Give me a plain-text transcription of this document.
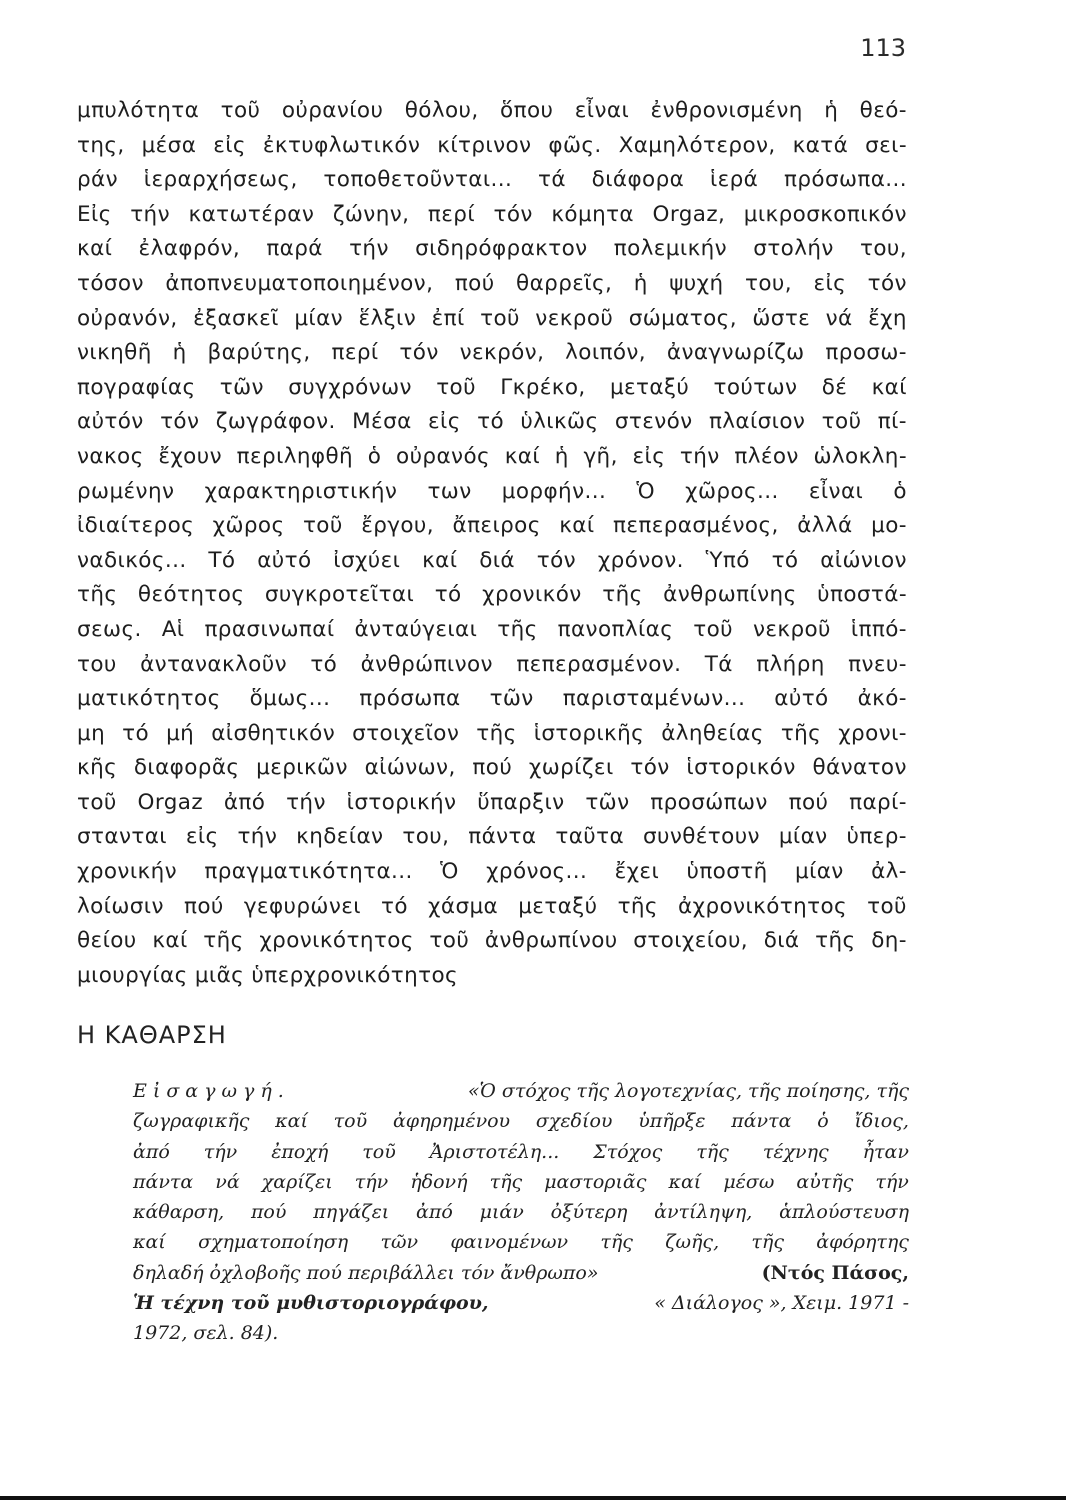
113
μπυλότητα τοῦ οὐρανίου θόλου, ὅπου εἶναι ἐνθρονισμένη ἡ θεό-
της, μέσα εἰς ἐκτυφλωτικόν κίτρινον φῶς. Χαμηλότερον, κατά σει-
ράν ἱεραρχήσεως, τοποθετοῦνται... τά διάφορα ἱερά πρόσωπα...
Εἰς τήν κατωτέραν ζώνην, περί τόν κόμητα Orgaz, μικροσκοπικόν
καί ἐλαφρόν, παρά τήν σιδηρόφρακτον πολεμικήν στολήν του,
τόσον ἀποπνευματοποιημένον, πού θαρρεῖς, ἡ ψυχή του, εἰς τόν
οὐρανόν, ἐξασκεῖ μίαν ἕλξιν ἐπί τοῦ νεκροῦ σώματος, ὥστε νά ἔχη
νικηθῆ ἡ βαρύτης, περί τόν νεκρόν, λοιπόν, ἀναγνωρίζω προσω-
πογραφίας τῶν συγχρόνων τοῦ Γκρέκο, μεταξύ τούτων δέ καί
αὐτόν τόν ζωγράφον. Μέσα εἰς τό ὑλικῶς στενόν πλαίσιον τοῦ πί-
νακος ἔχουν περιληφθῆ ὁ οὐρανός καί ἡ γῆ, εἰς τήν πλέον ὡλοκλη-
ρωμένην χαρακτηριστικήν των μορφήν... Ὁ χῶρος... εἶναι ὁ
ἰδιαίτερος χῶρος τοῦ ἔργου, ἄπειρος καί πεπερασμένος, ἀλλά μο-
ναδικός... Τό αὐτό ἰσχύει καί διά τόν χρόνον. Ὑπό τό αἰώνιον
τῆς θεότητος συγκροτεῖται τό χρονικόν τῆς ἀνθρωπίνης ὑποστά-
σεως. Αἱ πρασινωπαί ἀνταύγειαι τῆς πανοπλίας τοῦ νεκροῦ ἱππό-
του ἀντανακλοῦν τό ἀνθρώπινον πεπερασμένον. Τά πλήρη πνευ-
ματικότητος ὅμως... πρόσωπα τῶν παρισταμένων... αὐτό ἀκό-
μη τό μή αἰσθητικόν στοιχεῖον τῆς ἱστορικῆς ἀληθείας τῆς χρονι-
κῆς διαφορᾶς μερικῶν αἰώνων, πού χωρίζει τόν ἱστορικόν θάνατον
τοῦ Orgaz ἀπό τήν ἱστορικήν ὕπαρξιν τῶν προσώπων πού παρί-
στανται εἰς τήν κηδείαν του, πάντα ταῦτα συνθέτουν μίαν ὑπερ-
χρονικήν πραγματικότητα... Ὁ χρόνος... ἔχει ὑποστῆ μίαν ἀλ-
λοίωσιν πού γεφυρώνει τό χάσμα μεταξύ τῆς ἀχρονικότητος τοῦ
θείου καί τῆς χρονικότητος τοῦ ἀνθρωπίνου στοιχείου, διά τῆς δη-
μιουργίας μιᾶς ὑπερχρονικότητος
Η ΚΑΘΑΡΣΗ
Εἰσαγωγή.	«Ὁ στόχος τῆς λογοτεχνίας, τῆς ποίησης, τῆς
ζωγραφικῆς καί τοῦ ἀφηρημένου σχεδίου ὑπῆρξε πάντα ὁ ἴδιος,
ἀπό τήν ἐποχή τοῦ Ἀριστοτέλη... Στόχος τῆς τέχνης ἦταν
πάντα νά χαρίζει τήν ἡδονή τῆς μαστοριᾶς καί μέσω αὐτῆς τήν
κάθαρση, πού πηγάζει ἀπό μιάν ὀξύτερη ἀντίληψη, ἁπλούστευση
καί σχηματοποίηση τῶν φαινομένων τῆς ζωῆς, τῆς ἀφόρητης
δηλαδή ὀχλοβοῆς πού περιβάλλει τόν ἄνθρωπο»	(Ντός Πάσος,
Ἡ τέχνη τοῦ μυθιστοριογράφου,	« Διάλογος », Χειμ. 1971 -
1972, σελ. 84).
